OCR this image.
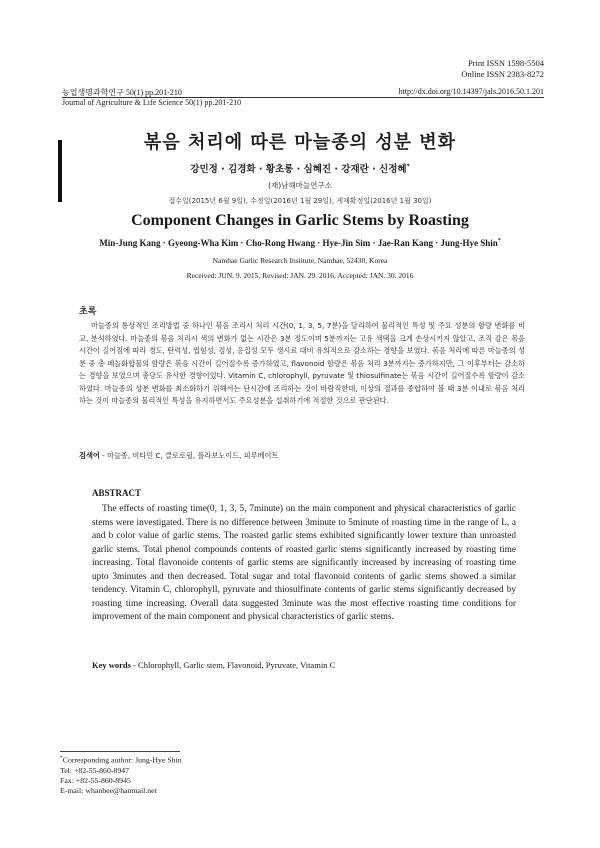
Print ISSN 1598-5504
Online ISSN 2383-8272
농업생명과학연구 50(1) pp.201-210	http://dx.doi.org/10.14397/jals.2016.50.1.201
Journal of Agriculture & Life Science 50(1) pp.201-210
볶음 처리에 따른 마늘종의 성분 변화
강민정 · 김경화 · 황초롱 · 심혜진 · 강재란 · 신정혜*
(재)남해마늘연구소
접수일(2015년 6월 9일), 수정일(2016년 1월 29일), 게재확정일(2016년 1월 30일)
Component Changes in Garlic Stems by Roasting
Min-Jung Kang · Gyeong-Wha Kim · Cho-Rong Hwang · Hye-Jin Sim · Jae-Ran Kang · Jung-Hye Shin*
Namhae Garlic Research Institute, Namhae, 52430, Korea
Received: JUN. 9. 2015, Revised: JAN. 29. 2016, Accepted: JAN. 30. 2016
초록
마늘종의 통상적인 조리방법 중 하나인 볶음 조리시 처리 시간(0, 1, 3, 5, 7분)을 달리하여 물리적인 특성 및 주요 성분의 함량 변화를 비교, 분석하였다. 마늘종의 볶음 처리시 색의 변화가 없는 시간은 3분 정도이며 5분까지는 고유 색택을 크게 손상시키지 않았고, 조직 감은 볶음 시간이 길어짐에 따라 경도, 탄력성, 씹힘성, 검성, 응집성 모두 생시료 대비 유의적으로 감소하는 경향을 보였다. 볶음 처리에 따른 마늘종의 성분 중 총 페놀화합물의 함량은 볶음 시간이 길어질수록 증가하였고, flavonoid 함량은 볶음 처리 3분까지는 증가하지만, 그 이후부터는 감소하는 경향을 보였으며 총당도 유사한 경향이었다. Vitamin C, chlorophyll, pyruvate 및 thiosulfinate는 볶음 시간이 길어질수록 함량이 감소하였다. 마늘종의 성분 변화를 최소화하기 위해서는 단시간에 조리하는 것이 바람직한데, 이상의 결과를 종합하여 볼 때 3분 이내로 볶음 처리하는 것이 마늘종의 물리적인 특성을 유지하면서도 주요성분을 섭취하기에 적절한 것으로 판단된다.
검색어 - 마늘종, 비타민 C, 클로로필, 플라보노이드, 피루베이트
ABSTRACT
The effects of roasting time(0, 1, 3, 5, 7minute) on the main component and physical characteristics of garlic stems were investigated. There is no difference between 3minute to 5minute of roasting time in the range of L, a and b color value of garlic stems. The roasted garlic stems exhibited significantly lower texture than unroasted garlic stems. Total phenol compounds contents of roasted garlic stems significantly increased by roasting time increasing. Total flavonoide contents of garlic stems are significantly increased by increasing of roasting time upto 3minutes and then decreased. Total sugar and total flavonoid contents of garlic stems showed a similar tendency. Vitamin C, chlorophyll, pyruvate and thiosulfinate contents of garlic stems significantly decreased by roasting time increasing. Overall data suggested 3minute was the most effective roasting time conditions for improvement of the main component and physical characteristics of garlic stems.
Key words - Chlorophyll, Garlic stem, Flavonoid, Pyruvate, Vitamin C
*Corresponding author: Jung-Hye Shin
Tel: +82-55-860-8947
Fax: +82-55-860-8945
E-mail: whanbee@hanmail.net
